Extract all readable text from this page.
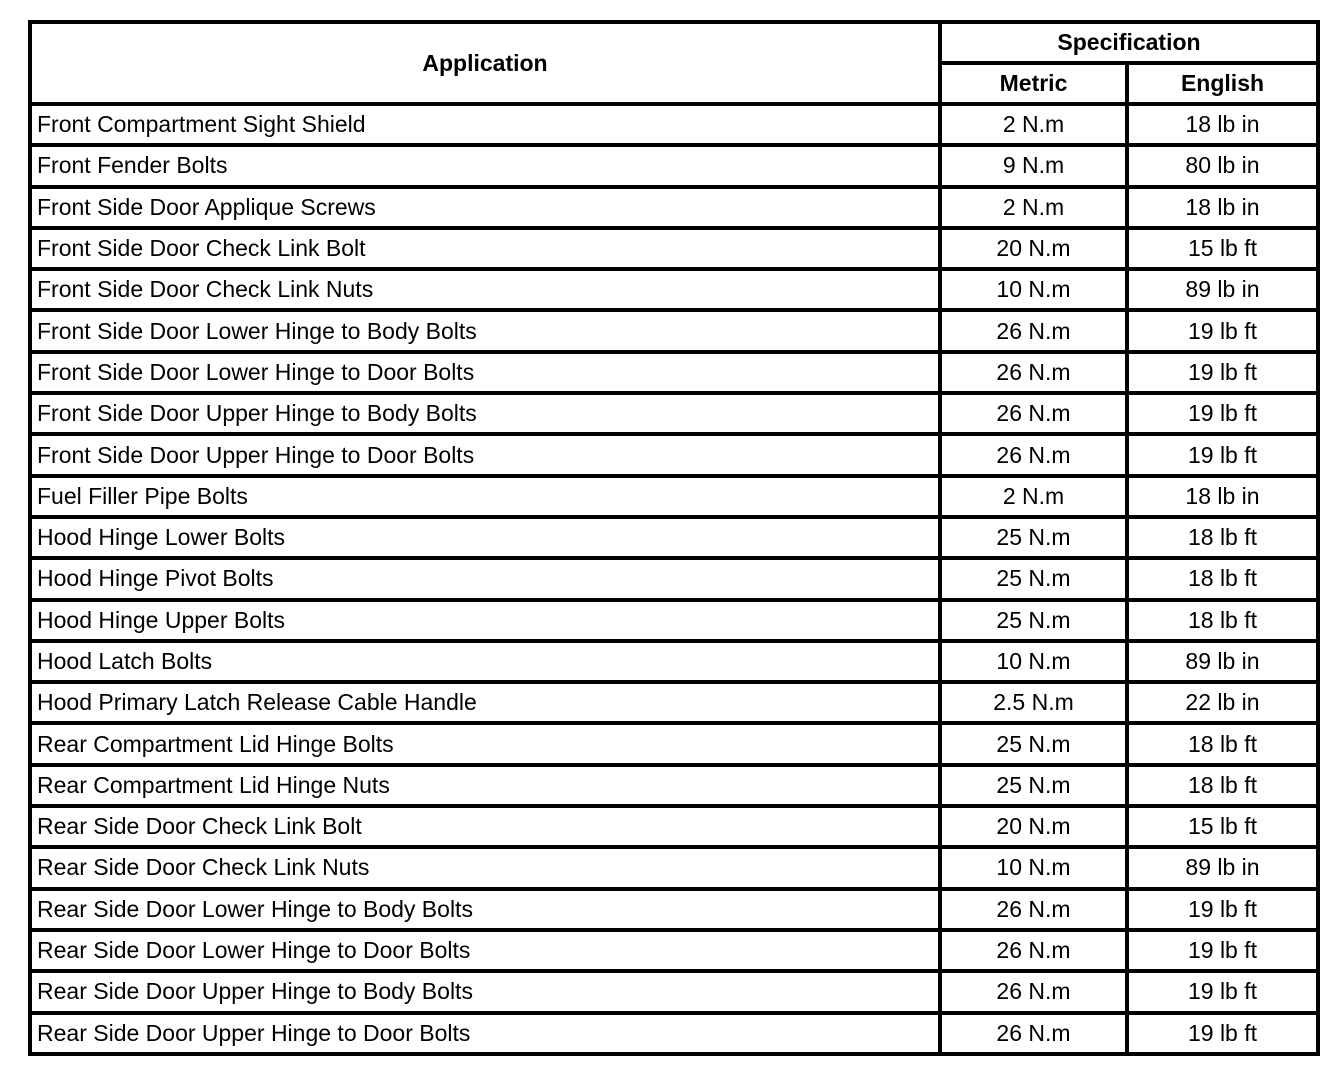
Application	Specification	
	Metric	English
Front Compartment Sight Shield	2 N.m	18 lb in
Front Fender Bolts	9 N.m	80 lb in
Front Side Door Applique Screws	2 N.m	18 lb in
Front Side Door Check Link Bolt	20 N.m	15 lb ft
Front Side Door Check Link Nuts	10 N.m	89 lb in
Front Side Door Lower Hinge to Body Bolts	26 N.m	19 lb ft
Front Side Door Lower Hinge to Door Bolts	26 N.m	19 lb ft
Front Side Door Upper Hinge to Body Bolts	26 N.m	19 lb ft
Front Side Door Upper Hinge to Door Bolts	26 N.m	19 lb ft
Fuel Filler Pipe Bolts	2 N.m	18 lb in
Hood Hinge Lower Bolts	25 N.m	18 lb ft
Hood Hinge Pivot Bolts	25 N.m	18 lb ft
Hood Hinge Upper Bolts	25 N.m	18 lb ft
Hood Latch Bolts	10 N.m	89 lb in
Hood Primary Latch Release Cable Handle	2.5 N.m	22 lb in
Rear Compartment Lid Hinge Bolts	25 N.m	18 lb ft
Rear Compartment Lid Hinge Nuts	25 N.m	18 lb ft
Rear Side Door Check Link Bolt	20 N.m	15 lb ft
Rear Side Door Check Link Nuts	10 N.m	89 lb in
Rear Side Door Lower Hinge to Body Bolts	26 N.m	19 lb ft
Rear Side Door Lower Hinge to Door Bolts	26 N.m	19 lb ft
Rear Side Door Upper Hinge to Body Bolts	26 N.m	19 lb ft
Rear Side Door Upper Hinge to Door Bolts	26 N.m	19 lb ft
